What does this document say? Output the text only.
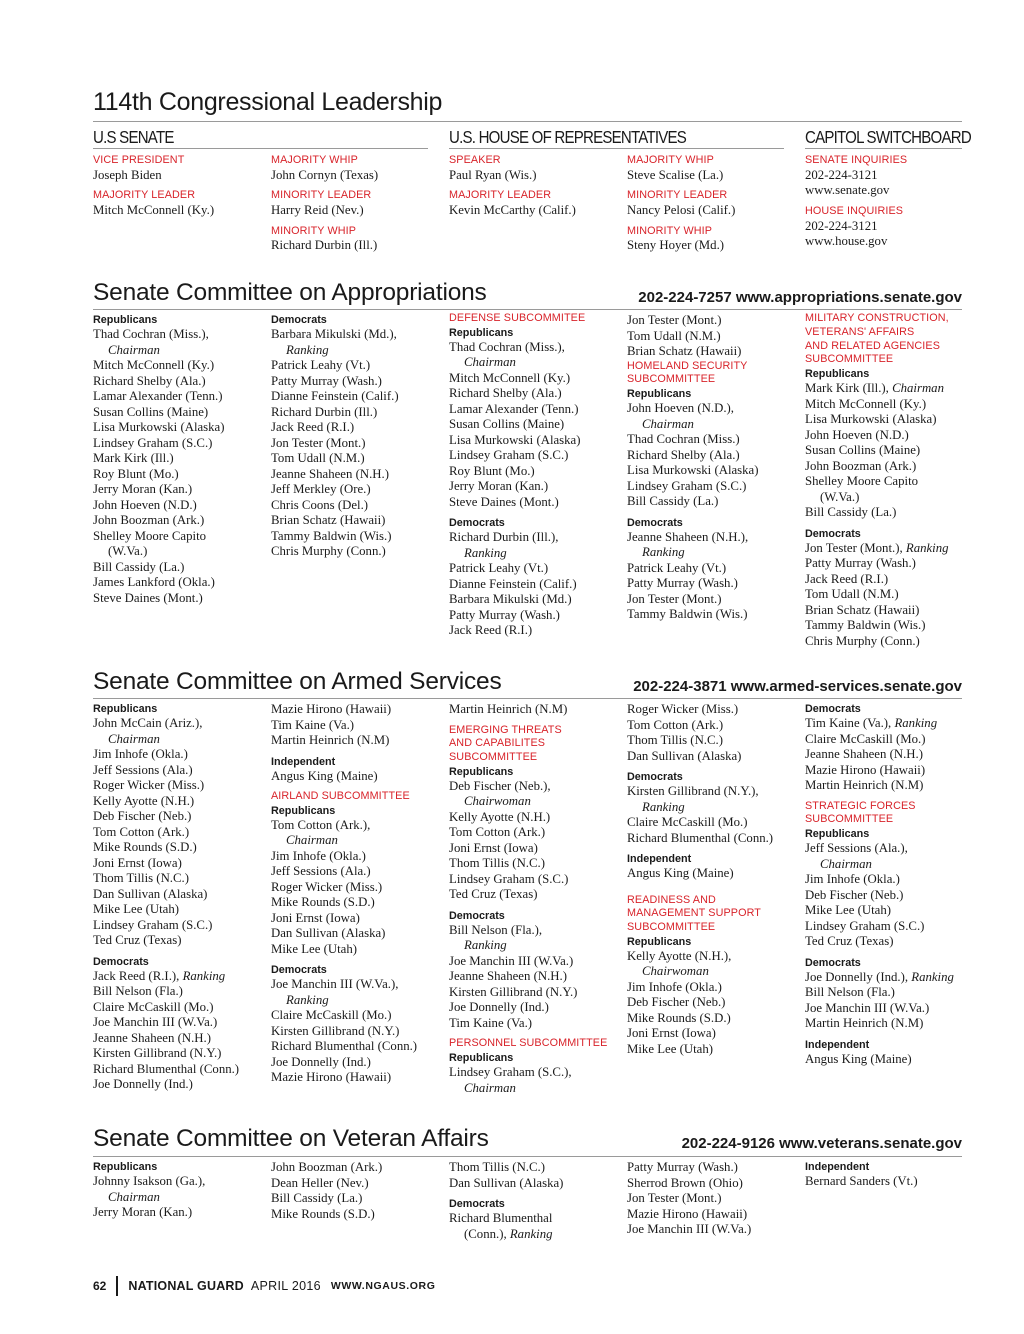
114th Congressional Leadership
U.S SENATE	U.S. HOUSE OF REPRESENTATIVES	CAPITOL SWITCHBOARD
VICE PRESIDENT
Joseph Biden
MAJORITY LEADER
Mitch McConnell (Ky.)
MAJORITY WHIP
John Cornyn (Texas)
MINORITY LEADER
Harry Reid (Nev.)
MINORITY WHIP
Richard Durbin (Ill.)
SPEAKER
Paul Ryan (Wis.)
MAJORITY LEADER
Kevin McCarthy (Calif.)
MAJORITY WHIP
Steve Scalise (La.)
MINORITY LEADER
Nancy Pelosi (Calif.)
MINORITY WHIP
Steny Hoyer (Md.)
SENATE INQUIRIES
202-224-3121
www.senate.gov
HOUSE INQUIRIES
202-224-3121
www.house.gov
Senate Committee on Appropriations	202-224-7257 www.appropriations.senate.gov
Republicans
Thad Cochran (Miss.),
Chairman
Mitch McConnell (Ky.)
Richard Shelby (Ala.)
Lamar Alexander (Tenn.)
Susan Collins (Maine)
Lisa Murkowski (Alaska)
Lindsey Graham (S.C.)
Mark Kirk (Ill.)
Roy Blunt (Mo.)
Jerry Moran (Kan.)
John Hoeven (N.D.)
John Boozman (Ark.)
Shelley Moore Capito
(W.Va.)
Bill Cassidy (La.)
James Lankford (Okla.)
Steve Daines (Mont.)
Democrats
Barbara Mikulski (Md.),
Ranking
Patrick Leahy (Vt.)
Patty Murray (Wash.)
Dianne Feinstein (Calif.)
Richard Durbin (Ill.)
Jack Reed (R.I.)
Jon Tester (Mont.)
Tom Udall (N.M.)
Jeanne Shaheen (N.H.)
Jeff Merkley (Ore.)
Chris Coons (Del.)
Brian Schatz (Hawaii)
Tammy Baldwin (Wis.)
Chris Murphy (Conn.)
DEFENSE SUBCOMMITEE
Republicans
Thad Cochran (Miss.),
Chairman
Mitch McConnell (Ky.)
Richard Shelby (Ala.)
Lamar Alexander (Tenn.)
Susan Collins (Maine)
Lisa Murkowski (Alaska)
Lindsey Graham (S.C.)
Roy Blunt (Mo.)
Jerry Moran (Kan.)
Steve Daines (Mont.)
Democrats
Richard Durbin (Ill.),
Ranking
Patrick Leahy (Vt.)
Dianne Feinstein (Calif.)
Barbara Mikulski (Md.)
Patty Murray (Wash.)
Jack Reed (R.I.)
Jon Tester (Mont.)
Tom Udall (N.M.)
Brian Schatz (Hawaii)
HOMELAND SECURITY
SUBCOMMITTEE
Republicans
John Hoeven (N.D.),
Chairman
Thad Cochran (Miss.)
Richard Shelby (Ala.)
Lisa Murkowski (Alaska)
Lindsey Graham (S.C.)
Bill Cassidy (La.)
Democrats
Jeanne Shaheen (N.H.),
Ranking
Patrick Leahy (Vt.)
Patty Murray (Wash.)
Jon Tester (Mont.)
Tammy Baldwin (Wis.)
MILITARY CONSTRUCTION,
VETERANS' AFFAIRS
AND RELATED AGENCIES
SUBCOMMITTEE
Republicans
Mark Kirk (Ill.), Chairman
Mitch McConnell (Ky.)
Lisa Murkowski (Alaska)
John Hoeven (N.D.)
Susan Collins (Maine)
John Boozman (Ark.)
Shelley Moore Capito
(W.Va.)
Bill Cassidy (La.)
Democrats
Jon Tester (Mont.), Ranking
Patty Murray (Wash.)
Jack Reed (R.I.)
Tom Udall (N.M.)
Brian Schatz (Hawaii)
Tammy Baldwin (Wis.)
Chris Murphy (Conn.)
Senate Committee on Armed Services	202-224-3871 www.armed-services.senate.gov
Republicans
John McCain (Ariz.),
Chairman
Jim Inhofe (Okla.)
Jeff Sessions (Ala.)
Roger Wicker (Miss.)
Kelly Ayotte (N.H.)
Deb Fischer (Neb.)
Tom Cotton (Ark.)
Mike Rounds (S.D.)
Joni Ernst (Iowa)
Thom Tillis (N.C.)
Dan Sullivan (Alaska)
Mike Lee (Utah)
Lindsey Graham (S.C.)
Ted Cruz (Texas)
Democrats
Jack Reed (R.I.), Ranking
Bill Nelson (Fla.)
Claire McCaskill (Mo.)
Joe Manchin III (W.Va.)
Jeanne Shaheen (N.H.)
Kirsten Gillibrand (N.Y.)
Richard Blumenthal (Conn.)
Joe Donnelly (Ind.)
Mazie Hirono (Hawaii)
Tim Kaine (Va.)
Martin Heinrich (N.M)
Independent
Angus King (Maine)
AIRLAND SUBCOMMITTEE
Republicans
Tom Cotton (Ark.),
Chairman
Jim Inhofe (Okla.)
Jeff Sessions (Ala.)
Roger Wicker (Miss.)
Mike Rounds (S.D.)
Joni Ernst (Iowa)
Dan Sullivan (Alaska)
Mike Lee (Utah)
Democrats
Joe Manchin III (W.Va.),
Ranking
Claire McCaskill (Mo.)
Kirsten Gillibrand (N.Y.)
Richard Blumenthal (Conn.)
Joe Donnelly (Ind.)
Mazie Hirono (Hawaii)
Martin Heinrich (N.M)
EMERGING THREATS
AND CAPABILITES
SUBCOMMITTEE
Republicans
Deb Fischer (Neb.),
Chairwoman
Kelly Ayotte (N.H.)
Tom Cotton (Ark.)
Joni Ernst (Iowa)
Thom Tillis (N.C.)
Lindsey Graham (S.C.)
Ted Cruz (Texas)
Democrats
Bill Nelson (Fla.),
Ranking
Joe Manchin III (W.Va.)
Jeanne Shaheen (N.H.)
Kirsten Gillibrand (N.Y.)
Joe Donnelly (Ind.)
Tim Kaine (Va.)
PERSONNEL SUBCOMMITTEE
Republicans
Lindsey Graham (S.C.),
Chairman
Roger Wicker (Miss.)
Tom Cotton (Ark.)
Thom Tillis (N.C.)
Dan Sullivan (Alaska)
Democrats
Kirsten Gillibrand (N.Y.),
Ranking
Claire McCaskill (Mo.)
Richard Blumenthal (Conn.)
Independent
Angus King (Maine)
READINESS AND
MANAGEMENT SUPPORT
SUBCOMMITTEE
Republicans
Kelly Ayotte (N.H.),
Chairwoman
Jim Inhofe (Okla.)
Deb Fischer (Neb.)
Mike Rounds (S.D.)
Joni Ernst (Iowa)
Mike Lee (Utah)
Democrats
Tim Kaine (Va.), Ranking
Claire McCaskill (Mo.)
Jeanne Shaheen (N.H.)
Mazie Hirono (Hawaii)
Martin Heinrich (N.M)
STRATEGIC FORCES
SUBCOMMITTEE
Republicans
Jeff Sessions (Ala.),
Chairman
Jim Inhofe (Okla.)
Deb Fischer (Neb.)
Mike Lee (Utah)
Lindsey Graham (S.C.)
Ted Cruz (Texas)
Democrats
Joe Donnelly (Ind.), Ranking
Bill Nelson (Fla.)
Joe Manchin III (W.Va.)
Martin Heinrich (N.M)
Independent
Angus King (Maine)
Senate Committee on Veteran Affairs	202-224-9126 www.veterans.senate.gov
Republicans
Johnny Isakson (Ga.),
Chairman
Jerry Moran (Kan.)
John Boozman (Ark.)
Dean Heller (Nev.)
Bill Cassidy (La.)
Mike Rounds (S.D.)
Thom Tillis (N.C.)
Dan Sullivan (Alaska)
Democrats
Richard Blumenthal
(Conn.), Ranking
Patty Murray (Wash.)
Sherrod Brown (Ohio)
Jon Tester (Mont.)
Mazie Hirono (Hawaii)
Joe Manchin III (W.Va.)
Independent
Bernard Sanders (Vt.)
62 NATIONAL GUARD APRIL 2016 WWW.NGAUS.ORG
